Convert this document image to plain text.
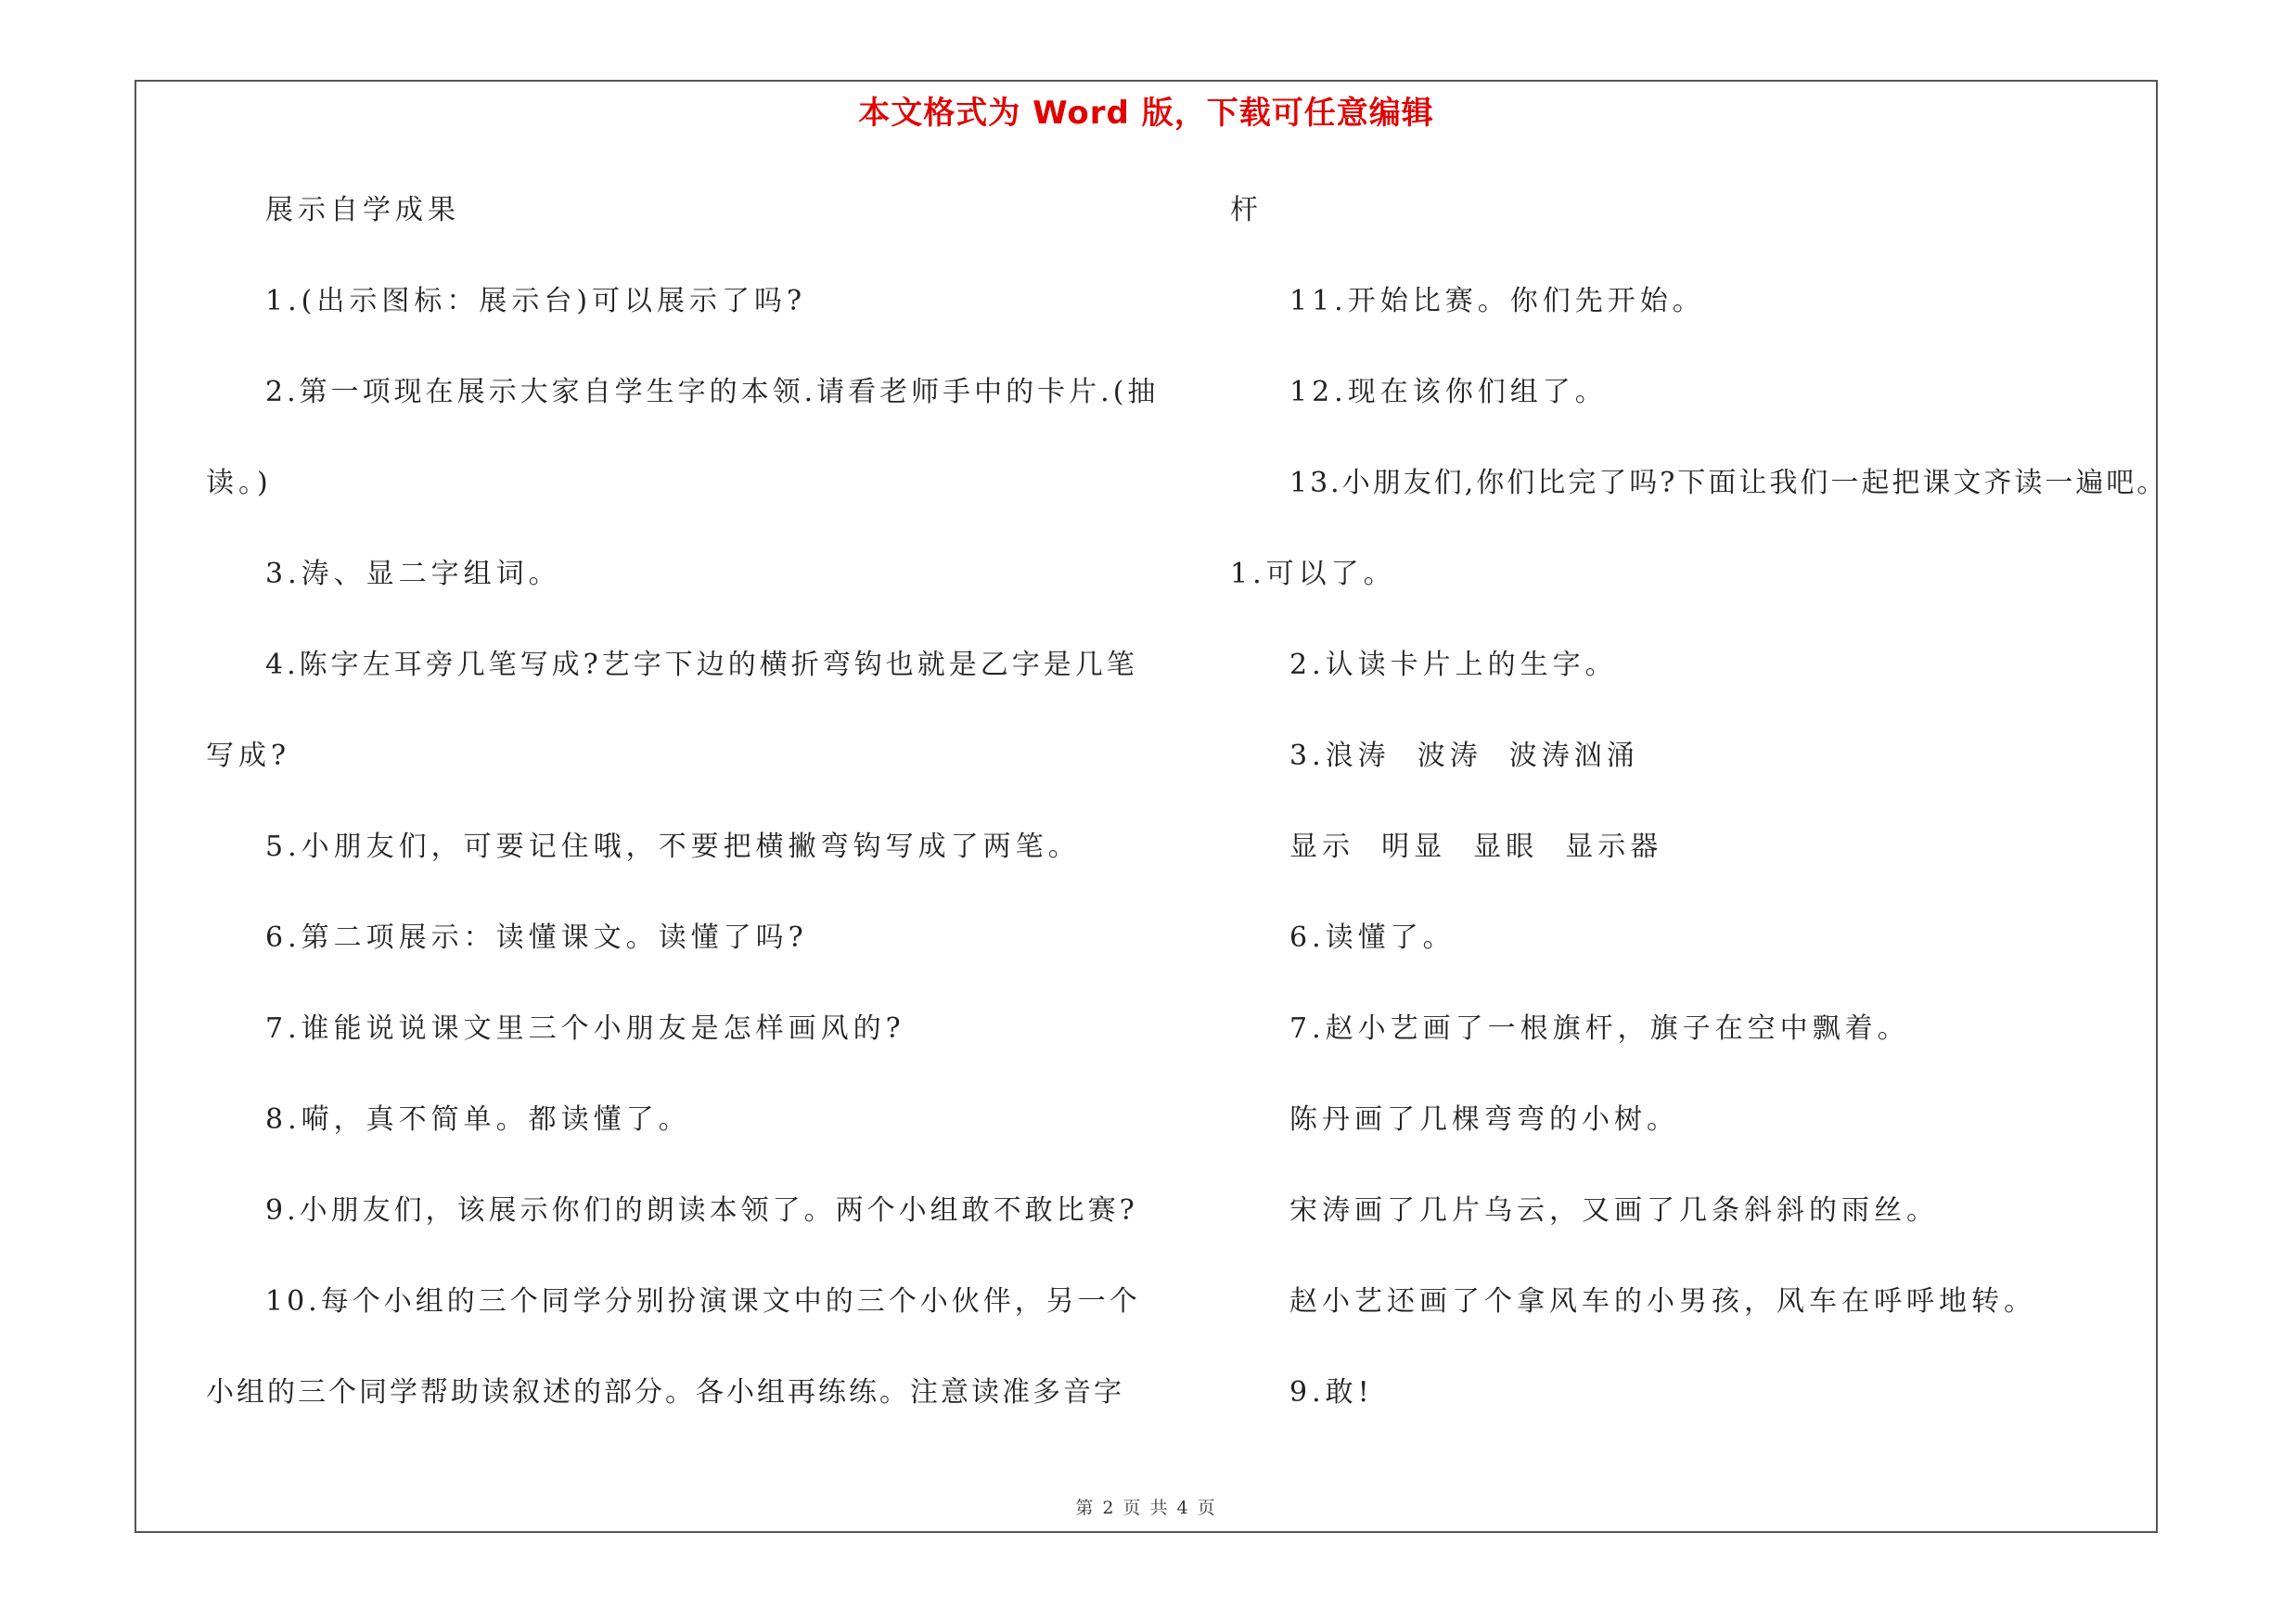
本文格式为 Word 版，下载可任意编辑
展示自学成果
1.(出示图标：展示台)可以展示了吗?
2.第一项现在展示大家自学生字的本领.请看老师手中的卡片.(抽
读。)
3.涛、显二字组词。
4.陈字左耳旁几笔写成?艺字下边的横折弯钩也就是乙字是几笔
写成?
5.小朋友们，可要记住哦，不要把横撇弯钩写成了两笔。
6.第二项展示：读懂课文。读懂了吗?
7.谁能说说课文里三个小朋友是怎样画风的?
8.嗬，真不简单。都读懂了。
9.小朋友们，该展示你们的朗读本领了。两个小组敢不敢比赛?
10.每个小组的三个同学分别扮演课文中的三个小伙伴，另一个
小组的三个同学帮助读叙述的部分。各小组再练练。注意读准多音字
杆
11.开始比赛。你们先开始。
12.现在该你们组了。
13.小朋友们,你们比完了吗?下面让我们一起把课文齐读一遍吧。
1.可以了。
2.认读卡片上的生字。
3.浪涛  波涛  波涛汹涌
显示  明显  显眼  显示器
6.读懂了。
7.赵小艺画了一根旗杆，旗子在空中飘着。
陈丹画了几棵弯弯的小树。
宋涛画了几片乌云，又画了几条斜斜的雨丝。
赵小艺还画了个拿风车的小男孩，风车在呼呼地转。
9.敢!
第 2 页 共 4 页
